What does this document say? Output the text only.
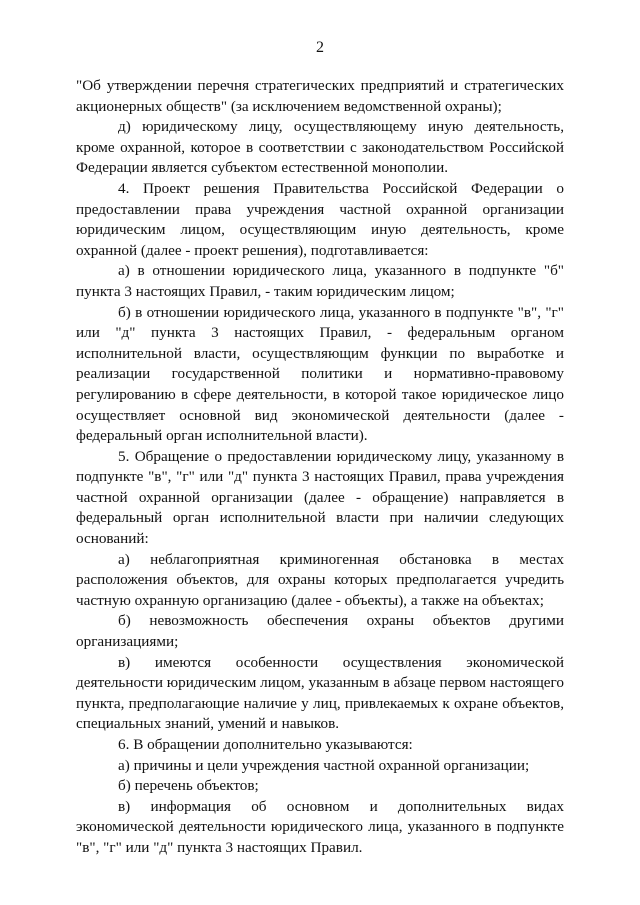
2

"Об утверждении перечня стратегических предприятий и стратегических акционерных обществ" (за исключением ведомственной охраны);

д) юридическому лицу, осуществляющему иную деятельность, кроме охранной, которое в соответствии с законодательством Российской Федерации является субъектом естественной монополии.

4. Проект решения Правительства Российской Федерации о предоставлении права учреждения частной охранной организации юридическим лицом, осуществляющим иную деятельность, кроме охранной (далее - проект решения), подготавливается:

а) в отношении юридического лица, указанного в подпункте "б" пункта 3 настоящих Правил, - таким юридическим лицом;

б) в отношении юридического лица, указанного в подпункте "в", "г" или "д" пункта 3 настоящих Правил, - федеральным органом исполнительной власти, осуществляющим функции по выработке и реализации государственной политики и нормативно-правовому регулированию в сфере деятельности, в которой такое юридическое лицо осуществляет основной вид экономической деятельности (далее - федеральный орган исполнительной власти).

5. Обращение о предоставлении юридическому лицу, указанному в подпункте "в", "г" или "д" пункта 3 настоящих Правил, права учреждения частной охранной организации (далее - обращение) направляется в федеральный орган исполнительной власти при наличии следующих оснований:

а) неблагоприятная криминогенная обстановка в местах расположения объектов, для охраны которых предполагается учредить частную охранную организацию (далее - объекты), а также на объектах;

б) невозможность обеспечения охраны объектов другими организациями;

в) имеются особенности осуществления экономической деятельности юридическим лицом, указанным в абзаце первом настоящего пункта, предполагающие наличие у лиц, привлекаемых к охране объектов, специальных знаний, умений и навыков.

6. В обращении дополнительно указываются:

а) причины и цели учреждения частной охранной организации;

б) перечень объектов;

в) информация об основном и дополнительных видах экономической деятельности юридического лица, указанного в подпункте "в", "г" или "д" пункта 3 настоящих Правил.
